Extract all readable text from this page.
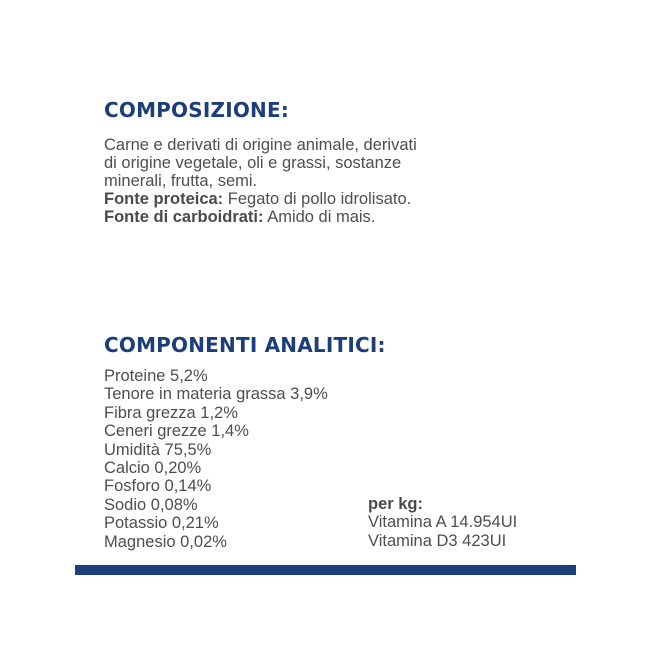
COMPOSIZIONE:

Carne e derivati di origine animale, derivati

di origine vegetale, oli e grassi, sostanze

minerali, frutta, semi.

Fonte proteica: Fegato di pollo idrolisato.

Fonte di carboidrati: Amido di mais.

COMPONENTI ANALITICI:
Proteine 5,2%
Tenore in materia grassa 3,9%
Fibra grezza 1,2%
Ceneri grezze 1,4%
Umidità 75,5%
Calcio 0,20%
Fosforo 0,14%
Sodio 0,08%
Potassio 0,21%
Magnesio 0,02%
per kg:
Vitamina A 14.954UI
Vitamina D3 423UI
